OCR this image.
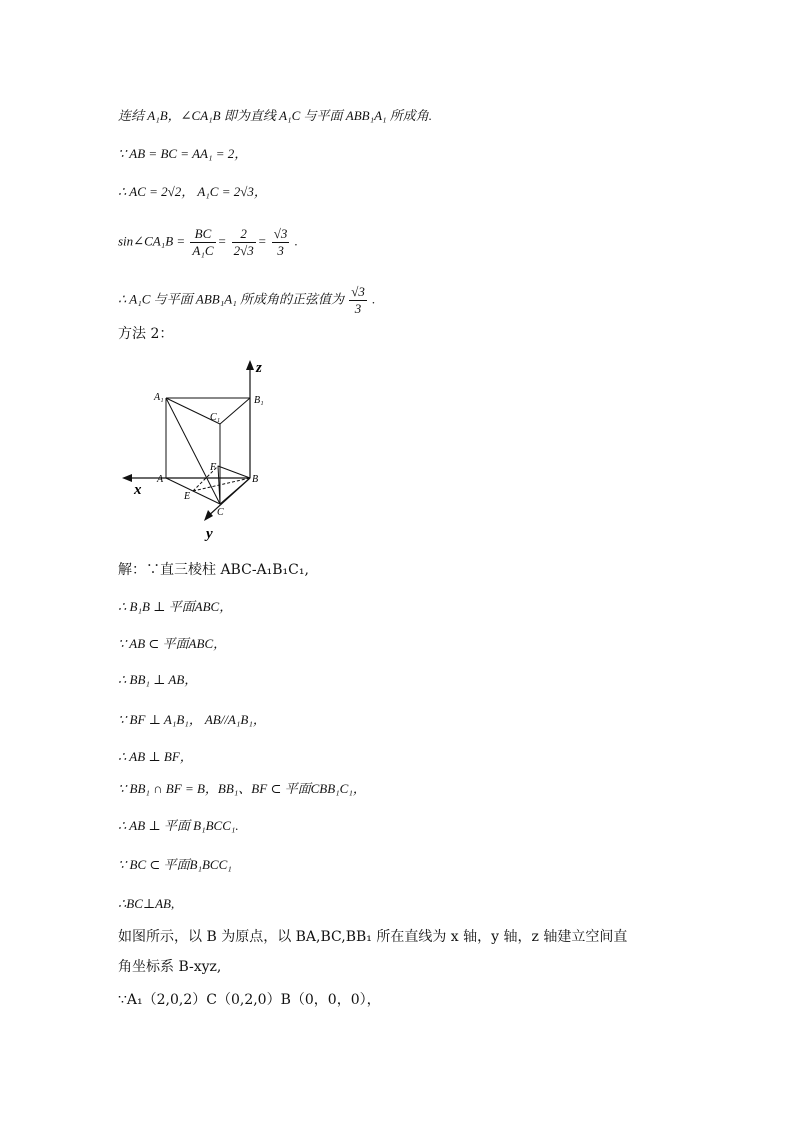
连结 A₁B，∠CA₁B 即为直线 A₁C 与平面 ABB₁A₁ 所成角.
∵ AB = BC = AA₁ = 2，
∴ AC = 2√2， A₁C = 2√3，
sin∠CA₁B = $\frac{BC}{\text{A₁C}} = \frac{2}{2√3} = \frac{√3}{3}$ .
∴ A₁C 与平面 ABB₁A₁ 所成角的正弦值为 $\frac{√3}{3}$ .
方法 2：
z
x
y
A₁	B₁
C₁
A	B
C
E
F
解：∵直三棱柱 ABC-A₁B₁C₁,
∴ B₁B ⊥ 平面ABC，
∵ AB ⊂ 平面ABC，
∴ BB₁ ⊥ AB，
∵ BF ⊥ A₁B₁， AB//A₁B₁，
∴ AB ⊥ BF，
∵ BB₁ ∩ BF = B，BB₁、BF ⊂ 平面CBB₁C₁，
∴ AB ⊥ 平面 B₁BCC₁.
∵ BC ⊂ 平面B₁BCC₁
∴BC⊥AB,
如图所示，以 B 为原点，以 BA,BC,BB₁ 所在直线为 x 轴，y 轴，z 轴建立空间直
角坐标系 B-xyz,
∵A₁（2,0,2）C（0,2,0）B（0，0，0），
